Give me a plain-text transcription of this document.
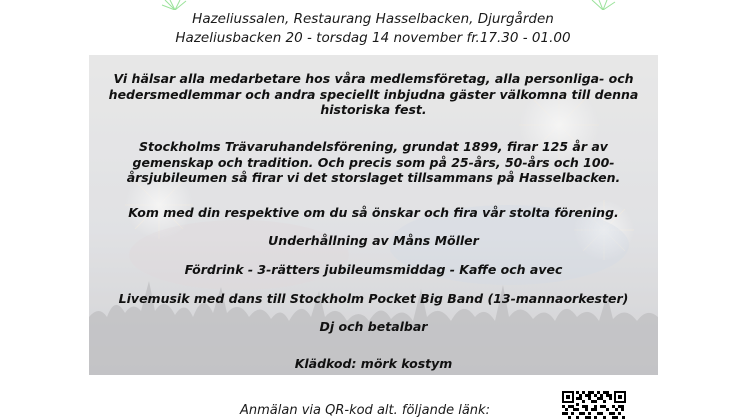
Hazeliussalen, Restaurang Hasselbacken, Djurgården
Hazeliusbacken 20 - torsdag 14 november fr.17.30 - 01.00

Vi hälsar alla medarbetare hos våra medlemsföretag, alla personliga- och hedersmedlemmar och andra speciellt inbjudna gäster välkomna till denna historiska fest.

Stockholms Trävaruhandelsförening, grundat 1899, firar 125 år av gemenskap och tradition. Och precis som på 25-års, 50-års och 100-årsjubileumen så firar vi det storslaget tillsammans på Hasselbacken.

Kom med din respektive om du så önskar och fira vår stolta förening.

Underhållning av Måns Möller

Fördrink - 3-rätters jubileumsmiddag - Kaffe och avec

Livemusik med dans till Stockholm Pocket Big Band (13-mannaorkester)

Dj och betalbar

Klädkod: mörk kostym

Anmälan via QR-kod alt. följande länk:
